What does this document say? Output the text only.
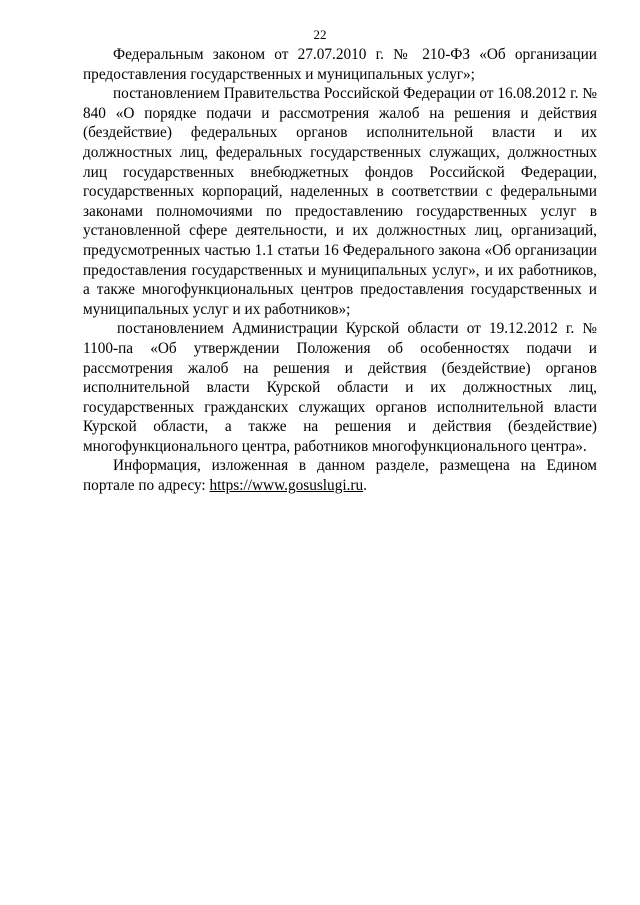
22

Федеральным законом от 27.07.2010 г. № 210-ФЗ «Об организации предоставления государственных и муниципальных услуг»;

постановлением Правительства Российской Федерации от 16.08.2012 г. № 840 «О порядке подачи и рассмотрения жалоб на решения и действия (бездействие) федеральных органов исполнительной власти и их должностных лиц, федеральных государственных служащих, должностных лиц государственных внебюджетных фондов Российской Федерации, государственных корпораций, наделенных в соответствии с федеральными законами полномочиями по предоставлению государственных услуг в установленной сфере деятельности, и их должностных лиц, организаций, предусмотренных частью 1.1 статьи 16 Федерального закона «Об организации предоставления государственных и муниципальных услуг», и их работников, а также многофункциональных центров предоставления государственных и муниципальных услуг и их работников»;

постановлением Администрации Курской области от 19.12.2012 г. № 1100-па «Об утверждении Положения об особенностях подачи и рассмотрения жалоб на решения и действия (бездействие) органов исполнительной власти Курской области и их должностных лиц, государственных гражданских служащих органов исполнительной власти Курской области, а также на решения и действия (бездействие) многофункционального центра, работников многофункционального центра».

Информация, изложенная в данном разделе, размещена на Едином портале по адресу: https://www.gosuslugi.ru.
